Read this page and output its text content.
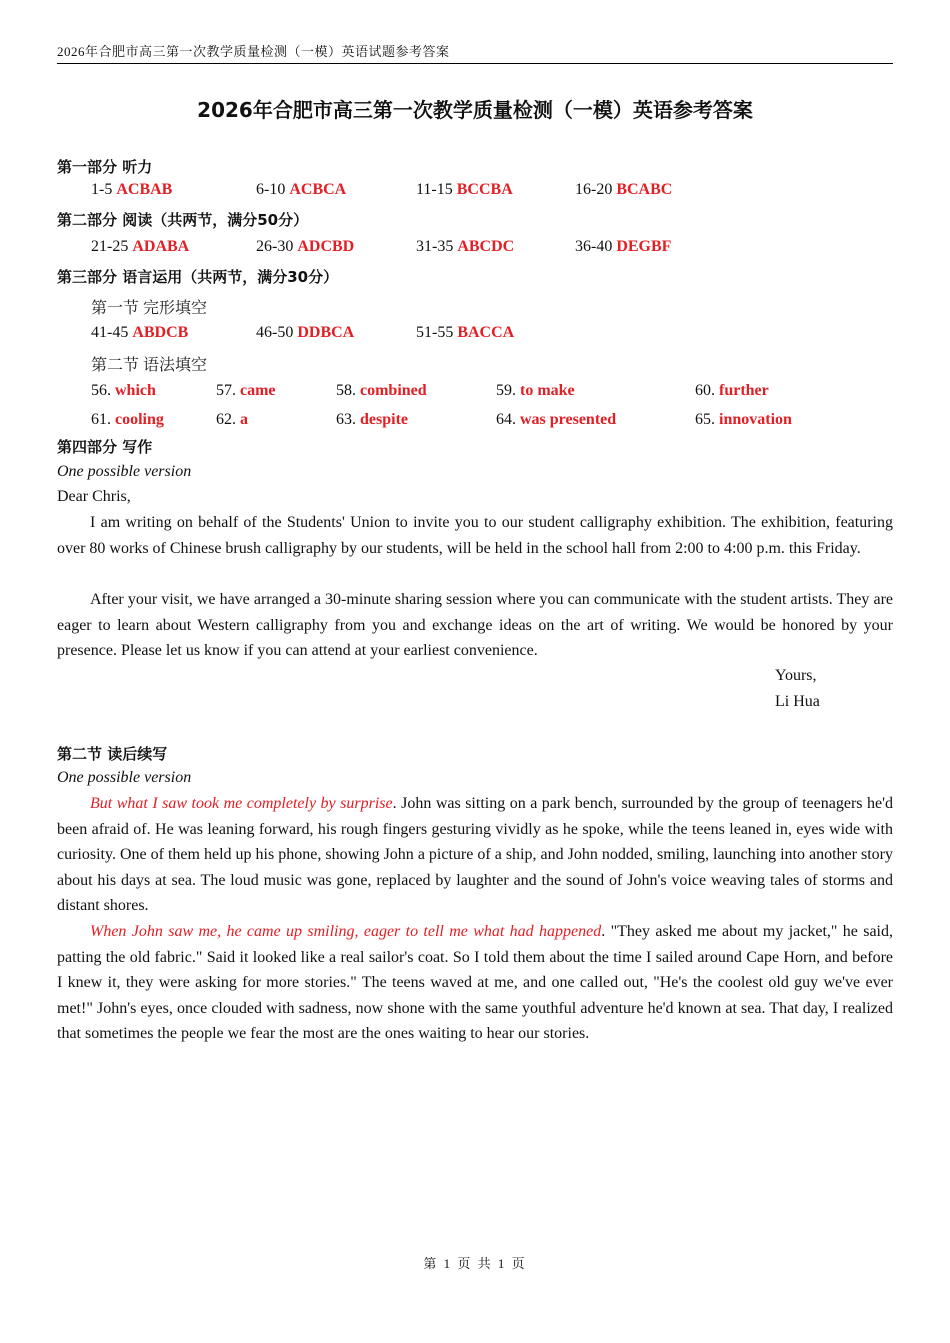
2026年合肥市高三第一次教学质量检测（一模）英语试题参考答案
2026年合肥市高三第一次教学质量检测（一模）英语参考答案
第一部分 听力
1-5 ACBAB	6-10 ACBCA	11-15 BCCBA	16-20 BCABC
第二部分 阅读（共两节，满分50分）
21-25 ADABA	26-30 ADCBD	31-35 ABCDC	36-40 DEGBF
第三部分 语言运用（共两节，满分30分）
第一节 完形填空
41-45 ABDCB	46-50 DDBCA	51-55 BACCA
第二节 语法填空
56. which	57. came	58. combined	59. to make	60. further
61. cooling	62. a	63. despite	64. was presented	65. innovation
第四部分 写作
One possible version
Dear Chris,
I am writing on behalf of the Students' Union to invite you to our student calligraphy exhibition. The exhibition, featuring over 80 works of Chinese brush calligraphy by our students, will be held in the school hall from 2:00 to 4:00 p.m. this Friday.
After your visit, we have arranged a 30-minute sharing session where you can communicate with the student artists. They are eager to learn about Western calligraphy from you and exchange ideas on the art of writing. We would be honored by your presence. Please let us know if you can attend at your earliest convenience.
Yours,
Li Hua
第二节 读后续写
One possible version
But what I saw took me completely by surprise. John was sitting on a park bench, surrounded by the group of teenagers he'd been afraid of. He was leaning forward, his rough fingers gesturing vividly as he spoke, while the teens leaned in, eyes wide with curiosity. One of them held up his phone, showing John a picture of a ship, and John nodded, smiling, launching into another story about his days at sea. The loud music was gone, replaced by laughter and the sound of John's voice weaving tales of storms and distant shores.
When John saw me, he came up smiling, eager to tell me what had happened. "They asked me about my jacket," he said, patting the old fabric." Said it looked like a real sailor's coat. So I told them about the time I sailed around Cape Horn, and before I knew it, they were asking for more stories." The teens waved at me, and one called out, "He's the coolest old guy we've ever met!" John's eyes, once clouded with sadness, now shone with the same youthful adventure he'd known at sea. That day, I realized that sometimes the people we fear the most are the ones waiting to hear our stories.
第 1 页 共 1 页
